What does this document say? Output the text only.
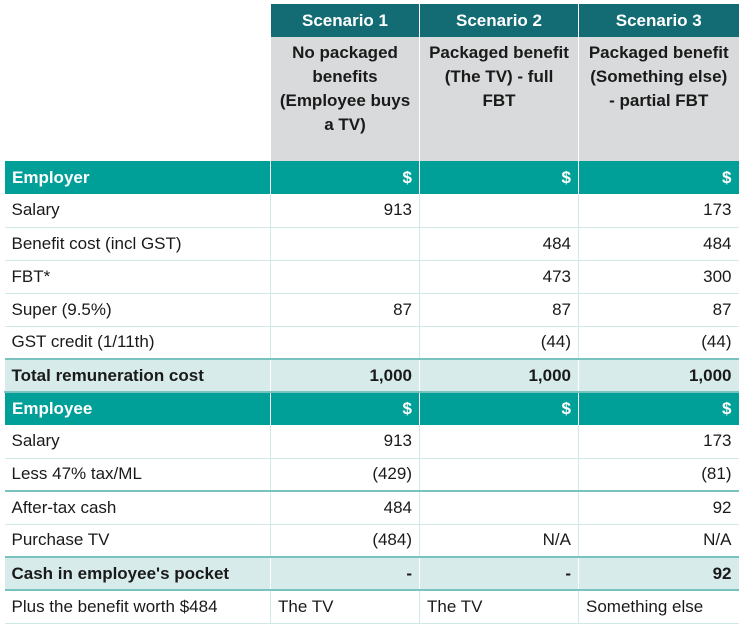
	Scenario 1	Scenario 2	Scenario 3
	No packaged benefits (Employee buys a TV)	Packaged benefit (The TV) - full FBT	Packaged benefit (Something else) - partial FBT
Employer	$	$	$
Salary	913		173
Benefit cost (incl GST)		484	484
FBT*		473	300
Super (9.5%)	87	87	87
GST credit (1/11th)		(44)	(44)
Total remuneration cost	1,000	1,000	1,000
Employee	$	$	$
Salary	913		173
Less 47% tax/ML	(429)		(81)
After-tax cash	484		92
Purchase TV	(484)	N/A	N/A
Cash in employee's pocket	-	-	92
Plus the benefit worth $484	The TV	The TV	Something else
